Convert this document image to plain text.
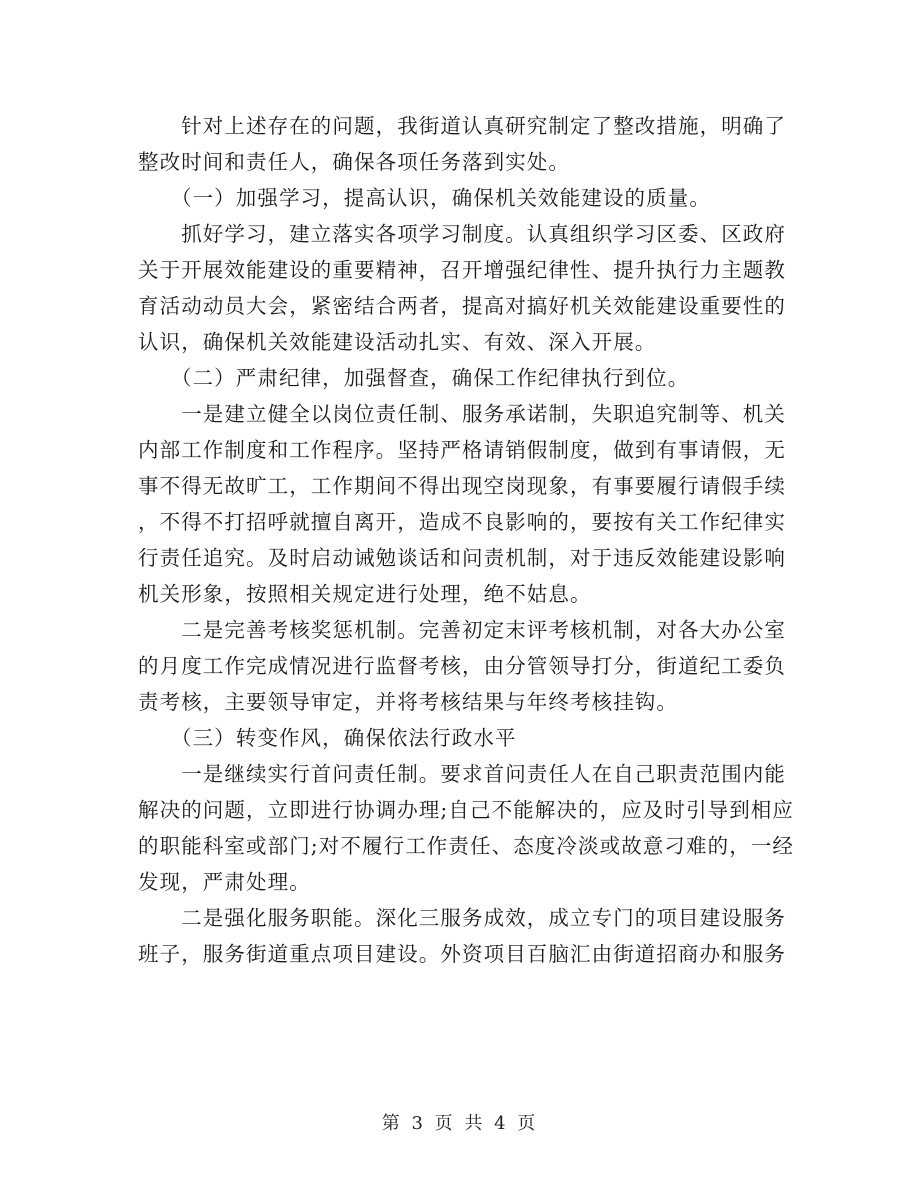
　　针对上述存在的问题，我街道认真研究制定了整改措施，明确了
整改时间和责任人，确保各项任务落到实处。
　　（一）加强学习，提高认识，确保机关效能建设的质量。
　　抓好学习，建立落实各项学习制度。认真组织学习区委、区政府
关于开展效能建设的重要精神，召开增强纪律性、提升执行力主题教
育活动动员大会，紧密结合两者，提高对搞好机关效能建设重要性的
认识，确保机关效能建设活动扎实、有效、深入开展。
　　（二）严肃纪律，加强督查，确保工作纪律执行到位。
　　一是建立健全以岗位责任制、服务承诺制，失职追究制等、机关
内部工作制度和工作程序。坚持严格请销假制度，做到有事请假，无
事不得无故旷工，工作期间不得出现空岗现象，有事要履行请假手续
，不得不打招呼就擅自离开，造成不良影响的，要按有关工作纪律实
行责任追究。及时启动诫勉谈话和问责机制，对于违反效能建设影响
机关形象，按照相关规定进行处理，绝不姑息。
　　二是完善考核奖惩机制。完善初定末评考核机制，对各大办公室
的月度工作完成情况进行监督考核，由分管领导打分，街道纪工委负
责考核，主要领导审定，并将考核结果与年终考核挂钩。
　　（三）转变作风，确保依法行政水平
　　一是继续实行首问责任制。要求首问责任人在自己职责范围内能
解决的问题，立即进行协调办理;自己不能解决的，应及时引导到相应
的职能科室或部门;对不履行工作责任、态度冷淡或故意刁难的，一经
发现，严肃处理。
　　二是强化服务职能。深化三服务成效，成立专门的项目建设服务
班子，服务街道重点项目建设。外资项目百脑汇由街道招商办和服务
第 3 页 共 4 页
